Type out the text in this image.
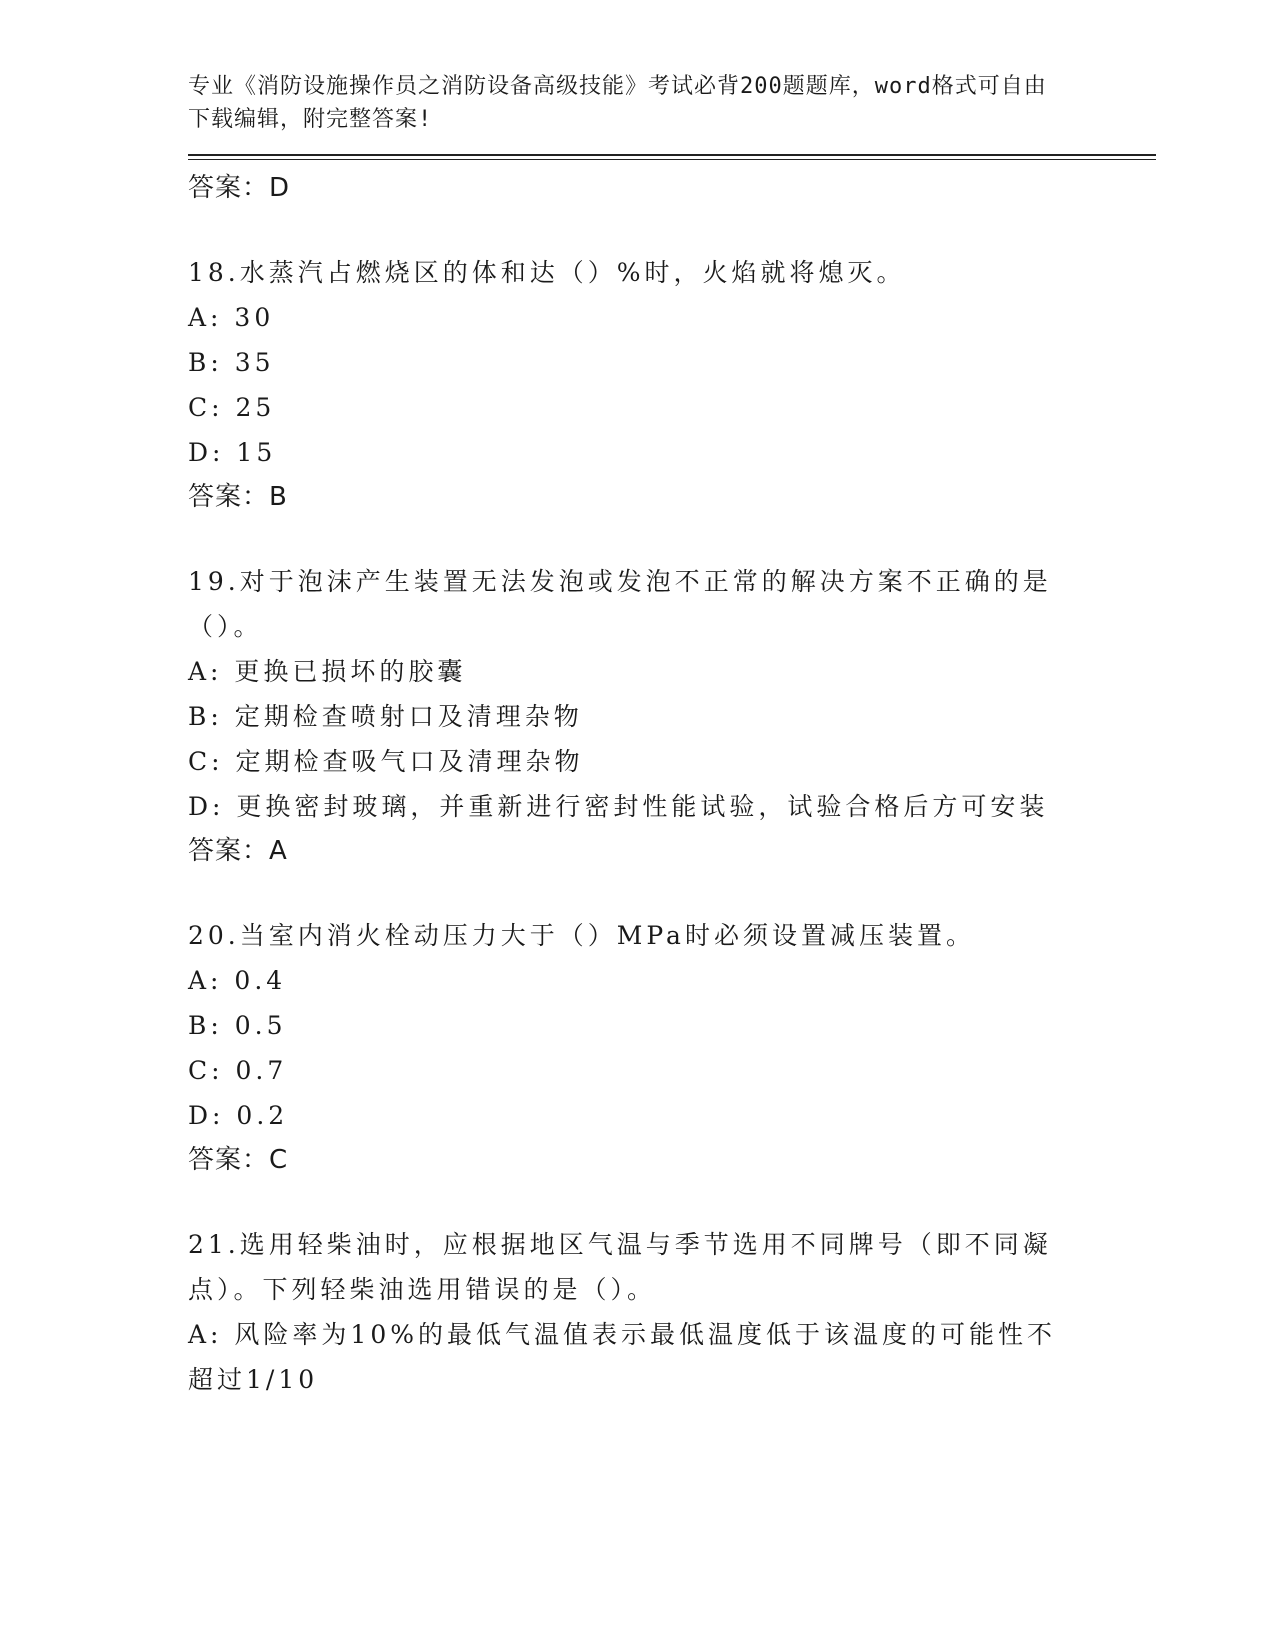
专业《消防设施操作员之消防设备高级技能》考试必背200题题库，word格式可自由下载编辑，附完整答案!
答案：D
18.水蒸汽占燃烧区的体和达（）%时，火焰就将熄灭。
A: 30
B: 35
C: 25
D: 15
答案：B
19.对于泡沫产生装置无法发泡或发泡不正常的解决方案不正确的是（）。
A: 更换已损坏的胶囊
B: 定期检查喷射口及清理杂物
C: 定期检查吸气口及清理杂物
D: 更换密封玻璃，并重新进行密封性能试验，试验合格后方可安装
答案：A
20.当室内消火栓动压力大于（）MPa时必须设置减压装置。
A: 0.4
B: 0.5
C: 0.7
D: 0.2
答案：C
21.选用轻柴油时，应根据地区气温与季节选用不同牌号（即不同凝点）。下列轻柴油选用错误的是（）。
A: 风险率为10%的最低气温值表示最低温度低于该温度的可能性不超过1/10
